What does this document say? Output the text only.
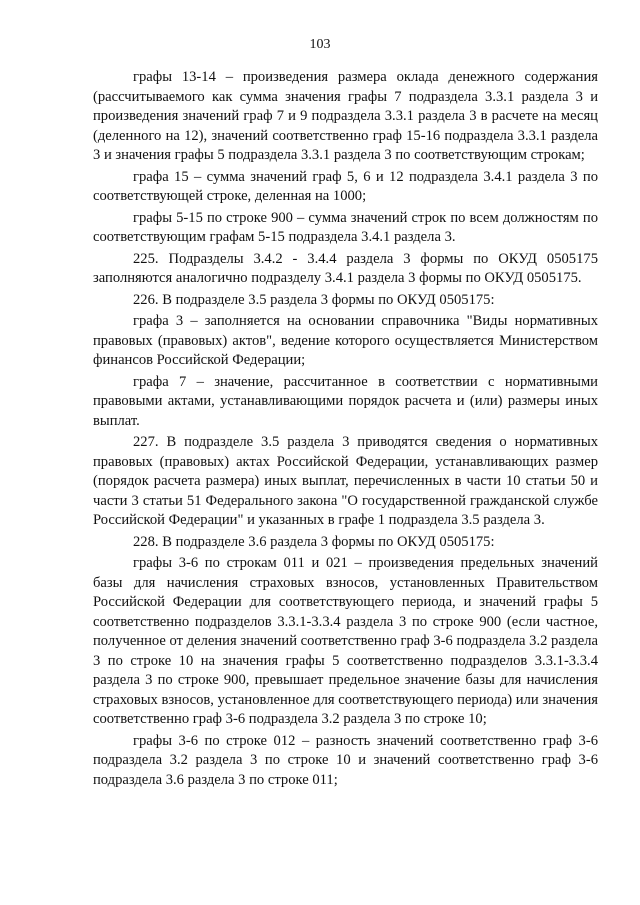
103

графы 13-14 – произведения размера оклада денежного содержания (рассчитываемого как сумма значения графы 7 подраздела 3.3.1 раздела 3 и произведения значений граф 7 и 9 подраздела 3.3.1 раздела 3 в расчете на месяц (деленного на 12), значений соответственно граф 15-16 подраздела 3.3.1 раздела 3 и значения графы 5 подраздела 3.3.1 раздела 3 по соответствующим строкам;

графа 15 – сумма значений граф 5, 6 и 12 подраздела 3.4.1 раздела 3 по соответствующей строке, деленная на 1000;

графы 5-15 по строке 900 – сумма значений строк по всем должностям по соответствующим графам 5-15 подраздела 3.4.1 раздела 3.

225. Подразделы 3.4.2 - 3.4.4 раздела 3 формы по ОКУД 0505175 заполняются аналогично подразделу 3.4.1 раздела 3 формы по ОКУД 0505175.

226. В подразделе 3.5 раздела 3 формы по ОКУД 0505175:

графа 3 – заполняется на основании справочника "Виды нормативных правовых (правовых) актов", ведение которого осуществляется Министерством финансов Российской Федерации;

графа 7 – значение, рассчитанное в соответствии с нормативными правовыми актами, устанавливающими порядок расчета и (или) размеры иных выплат.

227. В подразделе 3.5 раздела 3 приводятся сведения о нормативных правовых (правовых) актах Российской Федерации, устанавливающих размер (порядок расчета размера) иных выплат, перечисленных в части 10 статьи 50 и части 3 статьи 51 Федерального закона "О государственной гражданской службе Российской Федерации" и указанных в графе 1 подраздела 3.5 раздела 3.

228. В подразделе 3.6 раздела 3 формы по ОКУД 0505175:

графы 3-6 по строкам 011 и 021 – произведения предельных значений базы для начисления страховых взносов, установленных Правительством Российской Федерации для соответствующего периода, и значений графы 5 соответственно подразделов 3.3.1-3.3.4 раздела 3 по строке 900 (если частное, полученное от деления значений соответственно граф 3-6 подраздела 3.2 раздела 3 по строке 10 на значения графы 5 соответственно подразделов 3.3.1-3.3.4 раздела 3 по строке 900, превышает предельное значение базы для начисления страховых взносов, установленное для соответствующего периода) или значения соответственно граф 3-6 подраздела 3.2 раздела 3 по строке 10;

графы 3-6 по строке 012 – разность значений соответственно граф 3-6 подраздела 3.2 раздела 3 по строке 10 и значений соответственно граф 3-6 подраздела 3.6 раздела 3 по строке 011;
